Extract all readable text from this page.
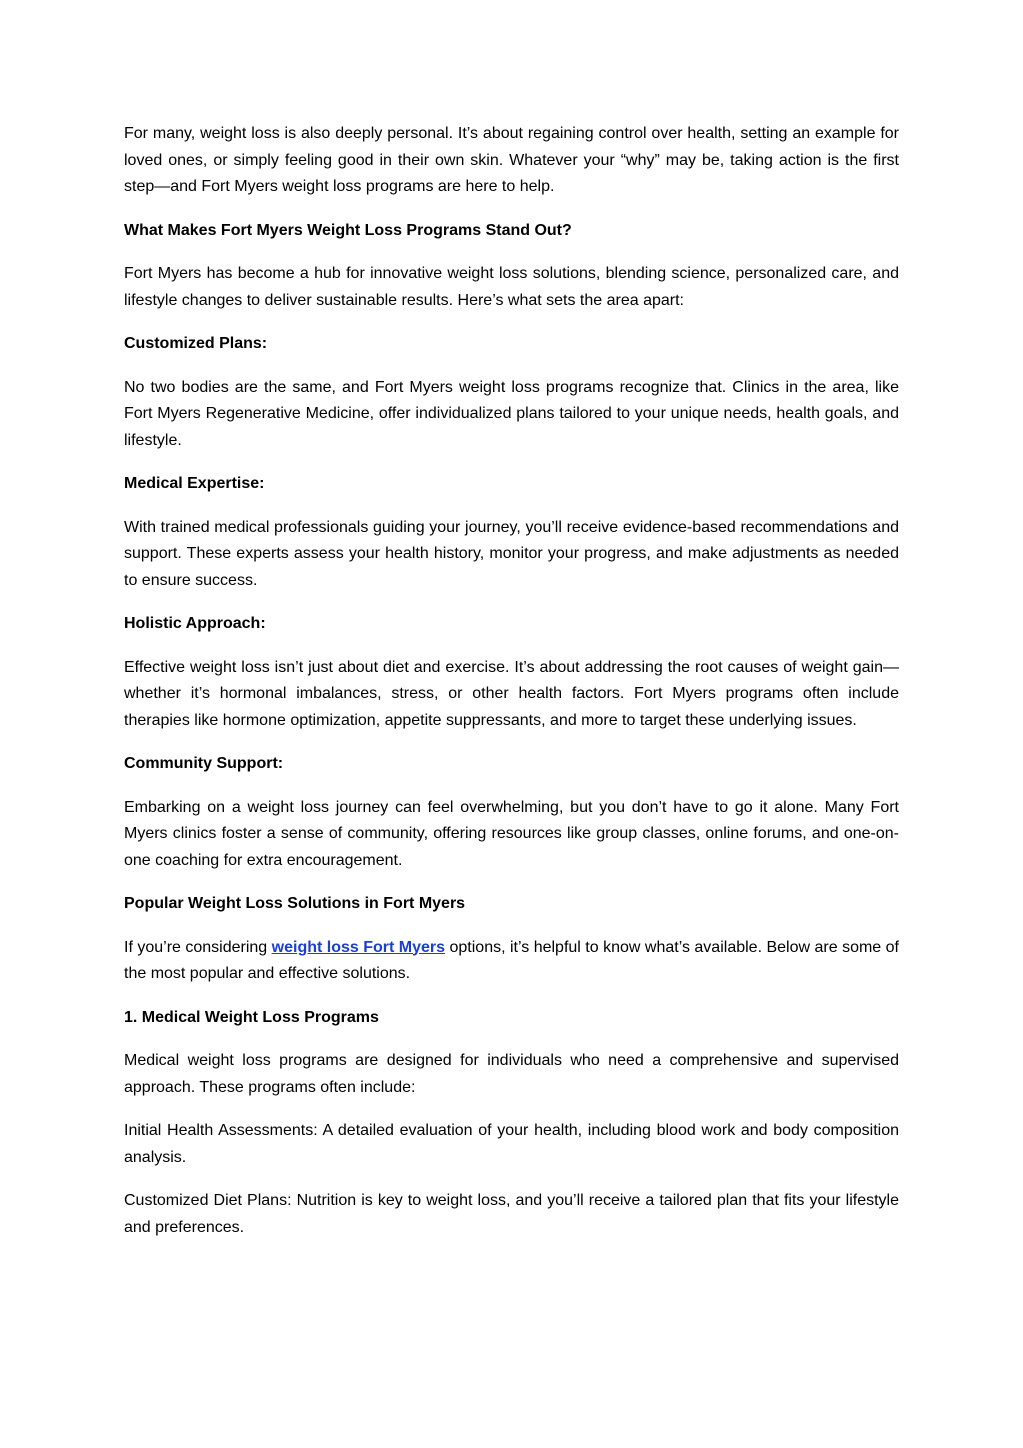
For many, weight loss is also deeply personal. It’s about regaining control over health, setting an example for loved ones, or simply feeling good in their own skin. Whatever your “why” may be, taking action is the first step—and Fort Myers weight loss programs are here to help.

What Makes Fort Myers Weight Loss Programs Stand Out?

Fort Myers has become a hub for innovative weight loss solutions, blending science, personalized care, and lifestyle changes to deliver sustainable results. Here’s what sets the area apart:

Customized Plans:

No two bodies are the same, and Fort Myers weight loss programs recognize that. Clinics in the area, like Fort Myers Regenerative Medicine, offer individualized plans tailored to your unique needs, health goals, and lifestyle.

Medical Expertise:

With trained medical professionals guiding your journey, you’ll receive evidence-based recommendations and support. These experts assess your health history, monitor your progress, and make adjustments as needed to ensure success.

Holistic Approach:

Effective weight loss isn’t just about diet and exercise. It’s about addressing the root causes of weight gain—whether it’s hormonal imbalances, stress, or other health factors. Fort Myers programs often include therapies like hormone optimization, appetite suppressants, and more to target these underlying issues.

Community Support:

Embarking on a weight loss journey can feel overwhelming, but you don’t have to go it alone. Many Fort Myers clinics foster a sense of community, offering resources like group classes, online forums, and one-on-one coaching for extra encouragement.

Popular Weight Loss Solutions in Fort Myers

If you’re considering weight loss Fort Myers options, it’s helpful to know what’s available. Below are some of the most popular and effective solutions.

1. Medical Weight Loss Programs

Medical weight loss programs are designed for individuals who need a comprehensive and supervised approach. These programs often include:

Initial Health Assessments: A detailed evaluation of your health, including blood work and body composition analysis.

Customized Diet Plans: Nutrition is key to weight loss, and you’ll receive a tailored plan that fits your lifestyle and preferences.
